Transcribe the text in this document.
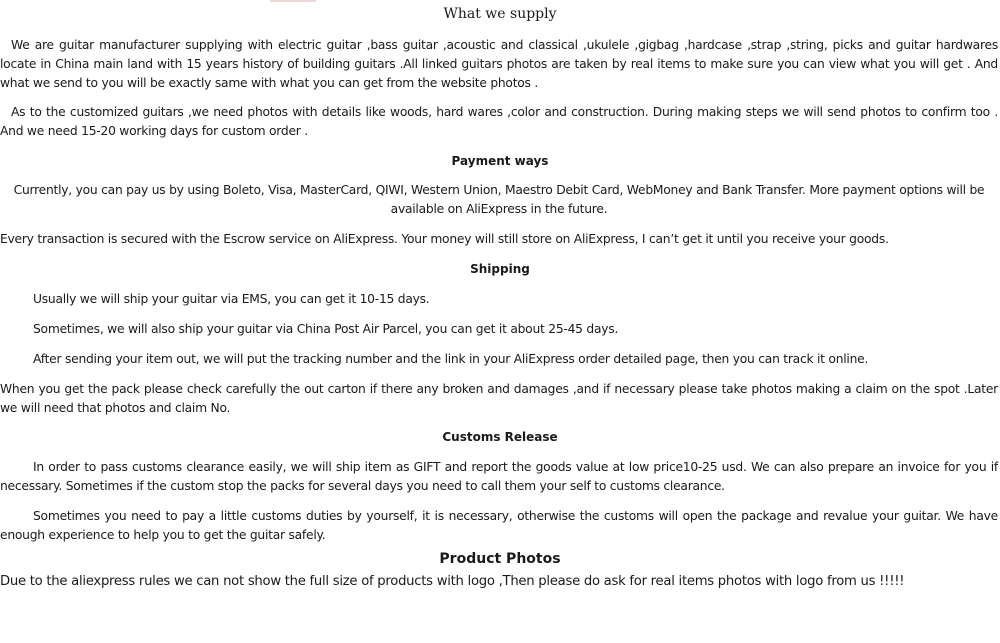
What we supply

We are guitar manufacturer supplying with electric guitar ,bass guitar ,acoustic and classical ,ukulele ,gigbag ,hardcase ,strap ,string, picks and guitar hardwares locate in China main land with 15 years history of building guitars .All linked guitars photos are taken by real items to make sure you can view what you will get . And what we send to you will be exactly same with what you can get from the website photos .

As to the customized guitars ,we need photos with details like woods, hard wares ,color and construction. During making steps we will send photos to confirm too . And we need 15-20 working days for custom order .

Payment ways

Currently, you can pay us by using Boleto, Visa, MasterCard, QIWI, Western Union, Maestro Debit Card, WebMoney and Bank Transfer. More payment options will be available on AliExpress in the future.

Every transaction is secured with the Escrow service on AliExpress. Your money will still store on AliExpress, I can’t get it until you receive your goods.

Shipping

Usually we will ship your guitar via EMS, you can get it 10-15 days.

Sometimes, we will also ship your guitar via China Post Air Parcel, you can get it about 25-45 days.

After sending your item out, we will put the tracking number and the link in your AliExpress order detailed page, then you can track it online.

When you get the pack please check carefully the out carton if there any broken and damages ,and if necessary please take photos making a claim on the spot .Later we will need that photos and claim No.

Customs Release

In order to pass customs clearance easily, we will ship item as GIFT and report the goods value at low price10-25 usd. We can also prepare an invoice for you if necessary. Sometimes if the custom stop the packs for several days you need to call them your self to customs clearance.

Sometimes you need to pay a little customs duties by yourself, it is necessary, otherwise the customs will open the package and revalue your guitar. We have enough experience to help you to get the guitar safely.

Product Photos

Due to the aliexpress rules we can not show the full size of products with logo ,Then please do ask for real items photos with logo from us !!!!!
